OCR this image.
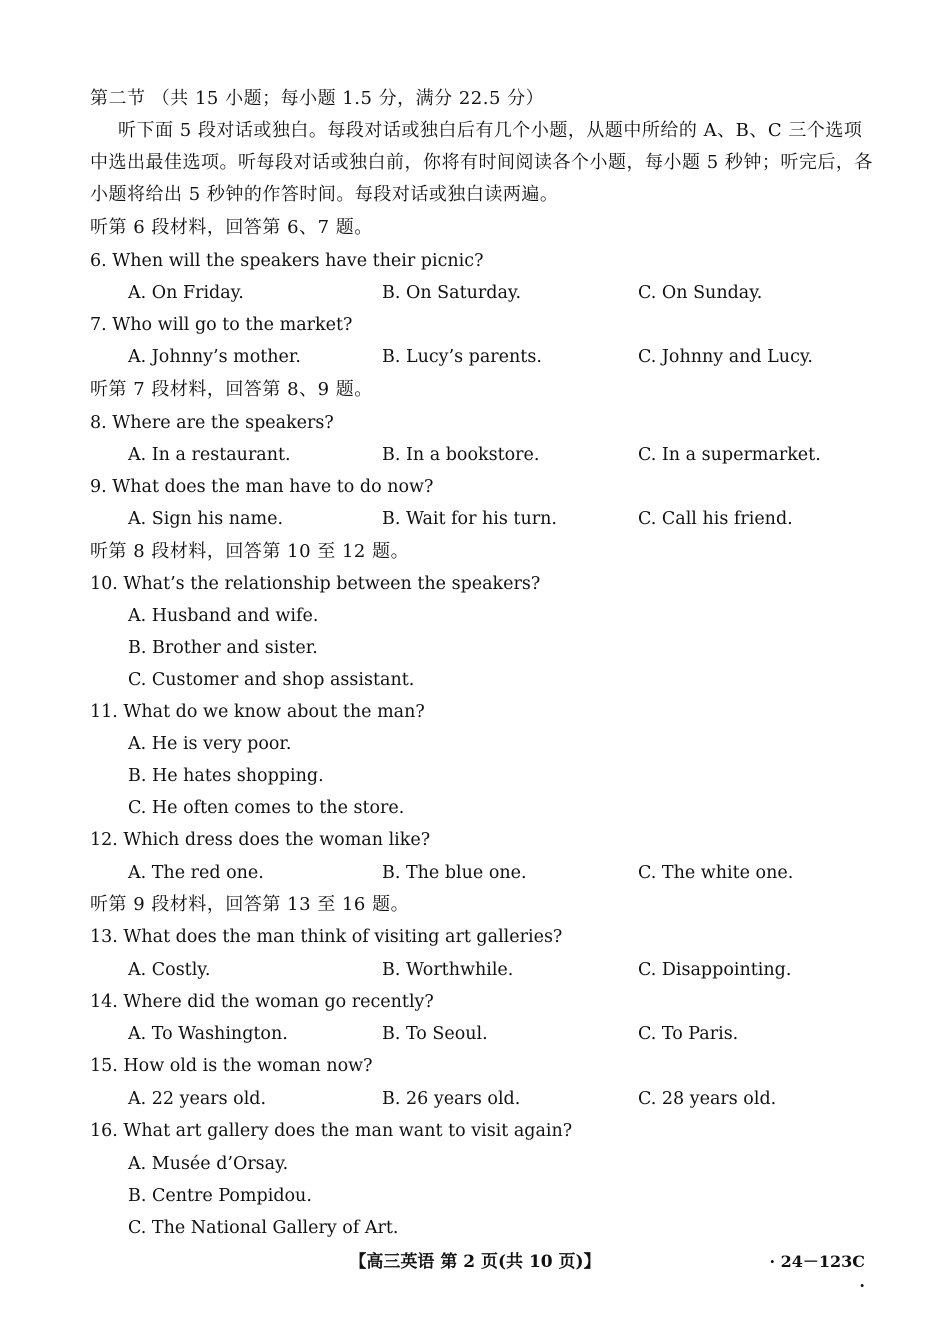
第二节 （共 15 小题；每小题 1.5 分，满分 22.5 分）
听下面 5 段对话或独白。每段对话或独白后有几个小题，从题中所给的 A、B、C 三个选项
中选出最佳选项。听每段对话或独白前，你将有时间阅读各个小题，每小题 5 秒钟；听完后，各
小题将给出 5 秒钟的作答时间。每段对话或独白读两遍。
听第 6 段材料，回答第 6、7 题。
6. When will the speakers have their picnic?
A. On Friday.	B. On Saturday.	C. On Sunday.
7. Who will go to the market?
A. Johnny’s mother.	B. Lucy’s parents.	C. Johnny and Lucy.
听第 7 段材料，回答第 8、9 题。
8. Where are the speakers?
A. In a restaurant.	B. In a bookstore.	C. In a supermarket.
9. What does the man have to do now?
A. Sign his name.	B. Wait for his turn.	C. Call his friend.
听第 8 段材料，回答第 10 至 12 题。
10. What’s the relationship between the speakers?
A. Husband and wife.
B. Brother and sister.
C. Customer and shop assistant.
11. What do we know about the man?
A. He is very poor.
B. He hates shopping.
C. He often comes to the store.
12. Which dress does the woman like?
A. The red one.	B. The blue one.	C. The white one.
听第 9 段材料，回答第 13 至 16 题。
13. What does the man think of visiting art galleries?
A. Costly.	B. Worthwhile.	C. Disappointing.
14. Where did the woman go recently?
A. To Washington.	B. To Seoul.	C. To Paris.
15. How old is the woman now?
A. 22 years old.	B. 26 years old.	C. 28 years old.
16. What art gallery does the man want to visit again?
A. Musée d’Orsay.
B. Centre Pompidou.
C. The National Gallery of Art.
【高三英语 第 2 页(共 10 页)】	· 24－123C ·
